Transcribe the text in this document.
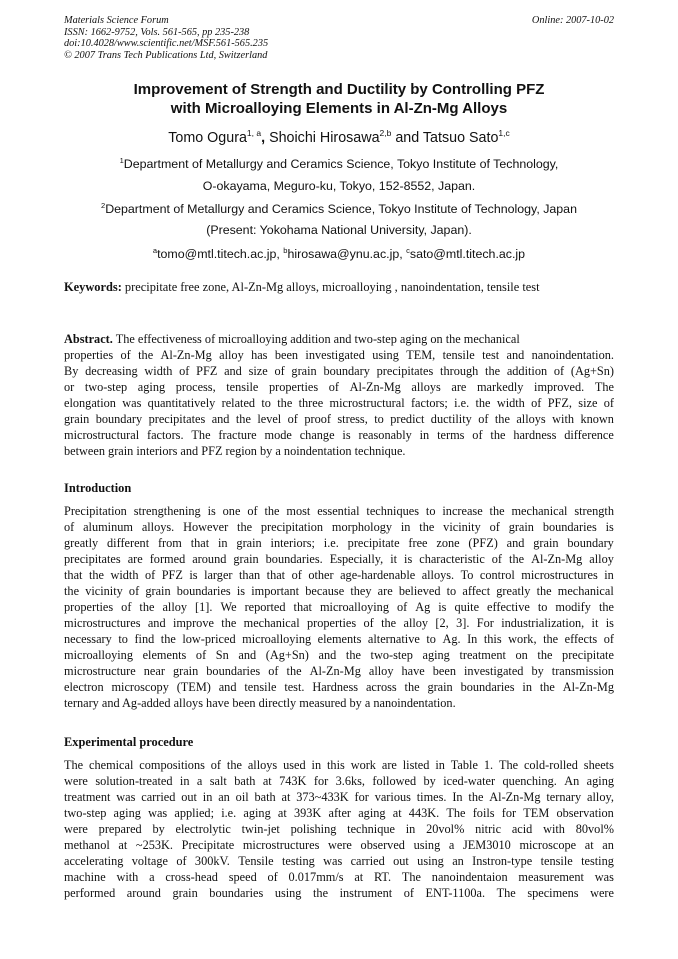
Materials Science Forum
ISSN: 1662-9752, Vols. 561-565, pp 235-238
doi:10.4028/www.scientific.net/MSF.561-565.235
© 2007 Trans Tech Publications Ltd, Switzerland
Online: 2007-10-02
Improvement of Strength and Ductility by Controlling PFZ
with Microalloying Elements in Al-Zn-Mg Alloys
Tomo Ogura$^{1, a}$, Shoichi Hirosawa$^{2,b}$ and Tatsuo Sato$^{1,c}$
$^1$Department of Metallurgy and Ceramics Science, Tokyo Institute of Technology,
O-okayama, Meguro-ku, Tokyo, 152-8552, Japan.
$^2$Department of Metallurgy and Ceramics Science, Tokyo Institute of Technology, Japan
(Present: Yokohama National University, Japan).
$^a$tomo@mtl.titech.ac.jp, $^b$hirosawa@ynu.ac.jp, $^c$sato@mtl.titech.ac.jp
Keywords: precipitate free zone, Al-Zn-Mg alloys, microalloying , nanoindentation, tensile test
Abstract. The effectiveness of microalloying addition and two-step aging on the mechanical
properties of the Al-Zn-Mg alloy has been investigated using TEM, tensile test and nanoindentation.
By decreasing width of PFZ and size of grain boundary precipitates through the addition of (Ag+Sn)
or two-step aging process, tensile properties of Al-Zn-Mg alloys are markedly improved. The
elongation was quantitatively related to the three microstructural factors; i.e. the width of PFZ, size of
grain boundary precipitates and the level of proof stress, to predict ductility of the alloys with known
microstructural factors. The fracture mode change is reasonably in terms of the hardness difference
between grain interiors and PFZ region by a noindentation technique.
Introduction
Precipitation strengthening is one of the most essential techniques to increase the mechanical strength
of aluminum alloys. However the precipitation morphology in the vicinity of grain boundaries is
greatly different from that in grain interiors; i.e. precipitate free zone (PFZ) and grain boundary
precipitates are formed around grain boundaries. Especially, it is characteristic of the Al-Zn-Mg alloy
that the width of PFZ is larger than that of other age-hardenable alloys. To control microstructures in
the vicinity of grain boundaries is important because they are believed to affect greatly the mechanical
properties of the alloy [1]. We reported that microalloying of Ag is quite effective to modify the
microstructures and improve the mechanical properties of the alloy [2, 3]. For industrialization, it is
necessary to find the low-priced microalloying elements alternative to Ag. In this work, the effects of
microalloying elements of Sn and (Ag+Sn) and the two-step aging treatment on the precipitate
microstructure near grain boundaries of the Al-Zn-Mg alloy have been investigated by transmission
electron microscopy (TEM) and tensile test. Hardness across the grain boundaries in the Al-Zn-Mg
ternary and Ag-added alloys have been directly measured by a nanoindentation.
Experimental procedure
The chemical compositions of the alloys used in this work are listed in Table 1. The cold-rolled sheets
were solution-treated in a salt bath at 743K for 3.6ks, followed by iced-water quenching. An aging
treatment was carried out in an oil bath at 373~433K for various times. In the Al-Zn-Mg ternary alloy,
two-step aging was applied; i.e. aging at 393K after aging at 443K. The foils for TEM observation
were prepared by electrolytic twin-jet polishing technique in 20vol% nitric acid with 80vol%
methanol at ~253K. Precipitate microstructures were observed using a JEM3010 microscope at an
accelerating voltage of 300kV. Tensile testing was carried out using an Instron-type tensile testing
machine with a cross-head speed of 0.017mm/s at RT. The nanoindentaion measurement was
performed around grain boundaries using the instrument of ENT-1100a. The specimens were
